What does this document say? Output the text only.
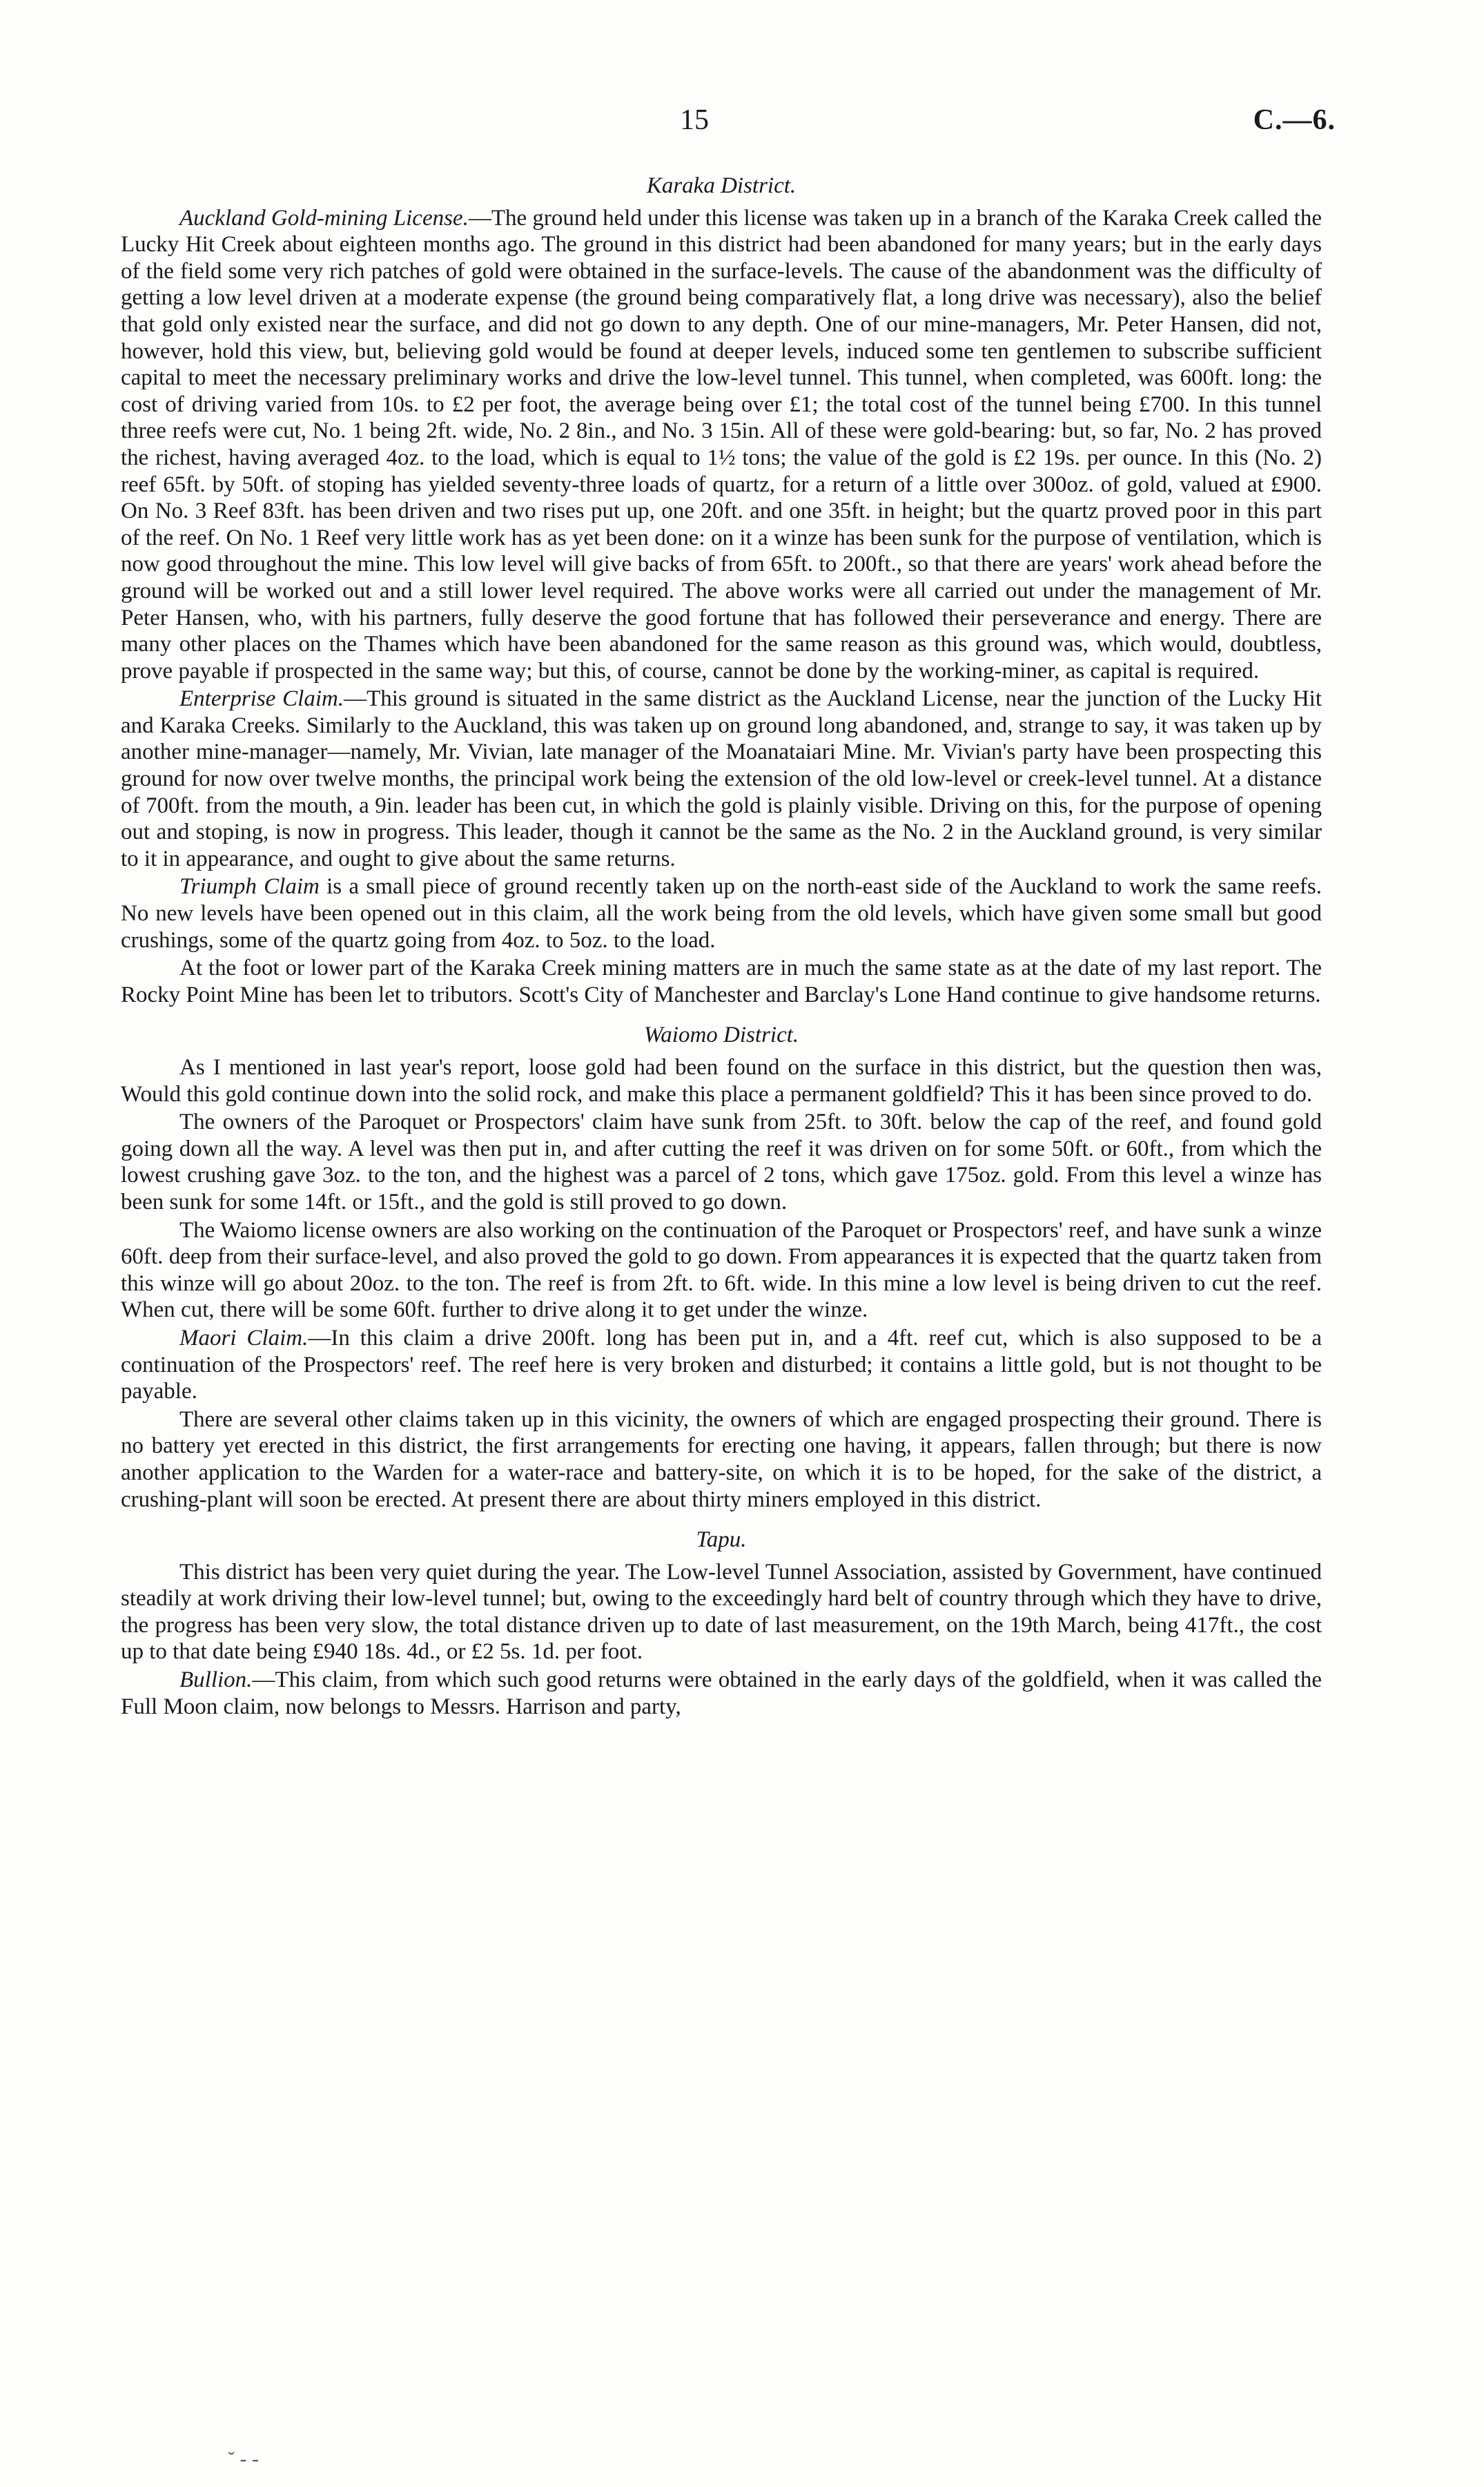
15	C.—6.
Karaka District.

Auckland Gold-mining License.—The ground held under this license was taken up in a branch of the Karaka Creek called the Lucky Hit Creek about eighteen months ago. The ground in this district had been abandoned for many years; but in the early days of the field some very rich patches of gold were obtained in the surface-levels. The cause of the abandonment was the difficulty of getting a low level driven at a moderate expense (the ground being comparatively flat, a long drive was necessary), also the belief that gold only existed near the surface, and did not go down to any depth. One of our mine-managers, Mr. Peter Hansen, did not, however, hold this view, but, believing gold would be found at deeper levels, induced some ten gentlemen to subscribe sufficient capital to meet the necessary preliminary works and drive the low-level tunnel. This tunnel, when completed, was 600ft. long: the cost of driving varied from 10s. to £2 per foot, the average being over £1; the total cost of the tunnel being £700. In this tunnel three reefs were cut, No. 1 being 2ft. wide, No. 2 8in., and No. 3 15in. All of these were gold-bearing: but, so far, No. 2 has proved the richest, having averaged 4oz. to the load, which is equal to 1½ tons; the value of the gold is £2 19s. per ounce. In this (No. 2) reef 65ft. by 50ft. of stoping has yielded seventy-three loads of quartz, for a return of a little over 300oz. of gold, valued at £900. On No. 3 Reef 83ft. has been driven and two rises put up, one 20ft. and one 35ft. in height; but the quartz proved poor in this part of the reef. On No. 1 Reef very little work has as yet been done: on it a winze has been sunk for the purpose of ventilation, which is now good throughout the mine. This low level will give backs of from 65ft. to 200ft., so that there are years' work ahead before the ground will be worked out and a still lower level required. The above works were all carried out under the management of Mr. Peter Hansen, who, with his partners, fully deserve the good fortune that has followed their perseverance and energy. There are many other places on the Thames which have been abandoned for the same reason as this ground was, which would, doubtless, prove payable if prospected in the same way; but this, of course, cannot be done by the working-miner, as capital is required.

Enterprise Claim.—This ground is situated in the same district as the Auckland License, near the junction of the Lucky Hit and Karaka Creeks. Similarly to the Auckland, this was taken up on ground long abandoned, and, strange to say, it was taken up by another mine-manager—namely, Mr. Vivian, late manager of the Moanataiari Mine. Mr. Vivian's party have been prospecting this ground for now over twelve months, the principal work being the extension of the old low-level or creek-level tunnel. At a distance of 700ft. from the mouth, a 9in. leader has been cut, in which the gold is plainly visible. Driving on this, for the purpose of opening out and stoping, is now in progress. This leader, though it cannot be the same as the No. 2 in the Auckland ground, is very similar to it in appearance, and ought to give about the same returns.

Triumph Claim is a small piece of ground recently taken up on the north-east side of the Auckland to work the same reefs. No new levels have been opened out in this claim, all the work being from the old levels, which have given some small but good crushings, some of the quartz going from 4oz. to 5oz. to the load.

At the foot or lower part of the Karaka Creek mining matters are in much the same state as at the date of my last report. The Rocky Point Mine has been let to tributors. Scott's City of Manchester and Barclay's Lone Hand continue to give handsome returns.

Waiomo District.

As I mentioned in last year's report, loose gold had been found on the surface in this district, but the question then was, Would this gold continue down into the solid rock, and make this place a permanent goldfield? This it has been since proved to do.

The owners of the Paroquet or Prospectors' claim have sunk from 25ft. to 30ft. below the cap of the reef, and found gold going down all the way. A level was then put in, and after cutting the reef it was driven on for some 50ft. or 60ft., from which the lowest crushing gave 3oz. to the ton, and the highest was a parcel of 2 tons, which gave 175oz. gold. From this level a winze has been sunk for some 14ft. or 15ft., and the gold is still proved to go down.

The Waiomo license owners are also working on the continuation of the Paroquet or Prospectors' reef, and have sunk a winze 60ft. deep from their surface-level, and also proved the gold to go down. From appearances it is expected that the quartz taken from this winze will go about 20oz. to the ton. The reef is from 2ft. to 6ft. wide. In this mine a low level is being driven to cut the reef. When cut, there will be some 60ft. further to drive along it to get under the winze.

Maori Claim.—In this claim a drive 200ft. long has been put in, and a 4ft. reef cut, which is also supposed to be a continuation of the Prospectors' reef. The reef here is very broken and disturbed; it contains a little gold, but is not thought to be payable.

There are several other claims taken up in this vicinity, the owners of which are engaged prospecting their ground. There is no battery yet erected in this district, the first arrangements for erecting one having, it appears, fallen through; but there is now another application to the Warden for a water-race and battery-site, on which it is to be hoped, for the sake of the district, a crushing-plant will soon be erected. At present there are about thirty miners employed in this district.

Tapu.

This district has been very quiet during the year. The Low-level Tunnel Association, assisted by Government, have continued steadily at work driving their low-level tunnel; but, owing to the exceedingly hard belt of country through which they have to drive, the progress has been very slow, the total distance driven up to date of last measurement, on the 19th March, being 417ft., the cost up to that date being £940 18s. 4d., or £2 5s. 1d. per foot.

Bullion.—This claim, from which such good returns were obtained in the early days of the goldfield, when it was called the Full Moon claim, now belongs to Messrs. Harrison and party,

˘ ‐ ‑
